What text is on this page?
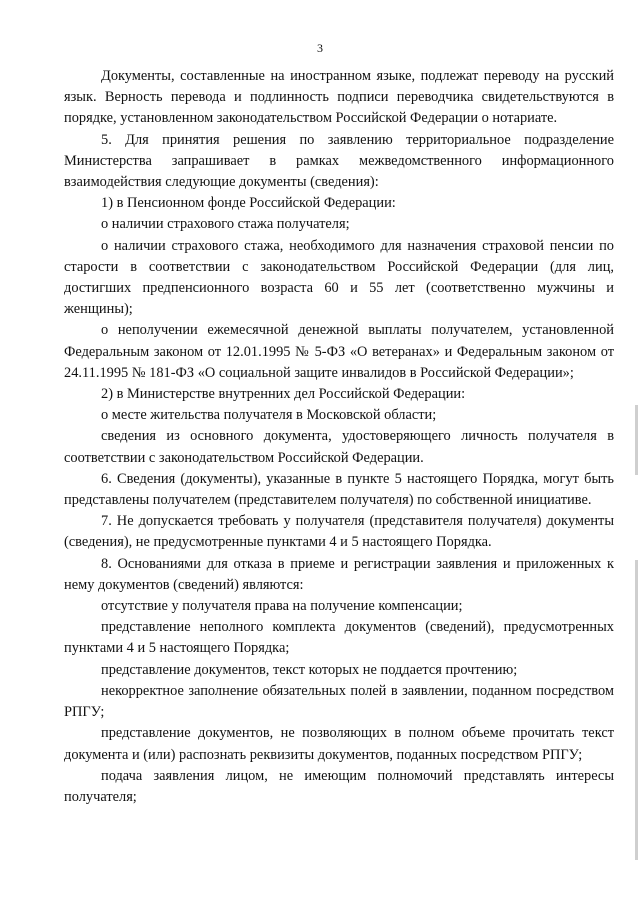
3

Документы, составленные на иностранном языке, подлежат переводу на русский язык. Верность перевода и подлинность подписи переводчика свидетельствуются в порядке, установленном законодательством Российской Федерации о нотариате.

5. Для принятия решения по заявлению территориальное подразделение Министерства запрашивает в рамках межведомственного информационного взаимодействия следующие документы (сведения):

1) в Пенсионном фонде Российской Федерации:

о наличии страхового стажа получателя;

о наличии страхового стажа, необходимого для назначения страховой пенсии по старости в соответствии с законодательством Российской Федерации (для лиц, достигших предпенсионного возраста 60 и 55 лет (соответственно мужчины и женщины);

о неполучении ежемесячной денежной выплаты получателем, установленной Федеральным законом от 12.01.1995 № 5-ФЗ «О ветеранах» и Федеральным законом от 24.11.1995 № 181-ФЗ «О социальной защите инвалидов в Российской Федерации»;

2) в Министерстве внутренних дел Российской Федерации:

о месте жительства получателя в Московской области;

сведения из основного документа, удостоверяющего личность получателя в соответствии с законодательством Российской Федерации.

6. Сведения (документы), указанные в пункте 5 настоящего Порядка, могут быть представлены получателем (представителем получателя) по собственной инициативе.

7. Не допускается требовать у получателя (представителя получателя) документы (сведения), не предусмотренные пунктами 4 и 5 настоящего Порядка.

8. Основаниями для отказа в приеме и регистрации заявления и приложенных к нему документов (сведений) являются:

отсутствие у получателя права на получение компенсации;

представление неполного комплекта документов (сведений), предусмотренных пунктами 4 и 5 настоящего Порядка;

представление документов, текст которых не поддается прочтению;

некорректное заполнение обязательных полей в заявлении, поданном посредством РПГУ;

представление документов, не позволяющих в полном объеме прочитать текст документа и (или) распознать реквизиты документов, поданных посредством РПГУ;

подача заявления лицом, не имеющим полномочий представлять интересы получателя;
